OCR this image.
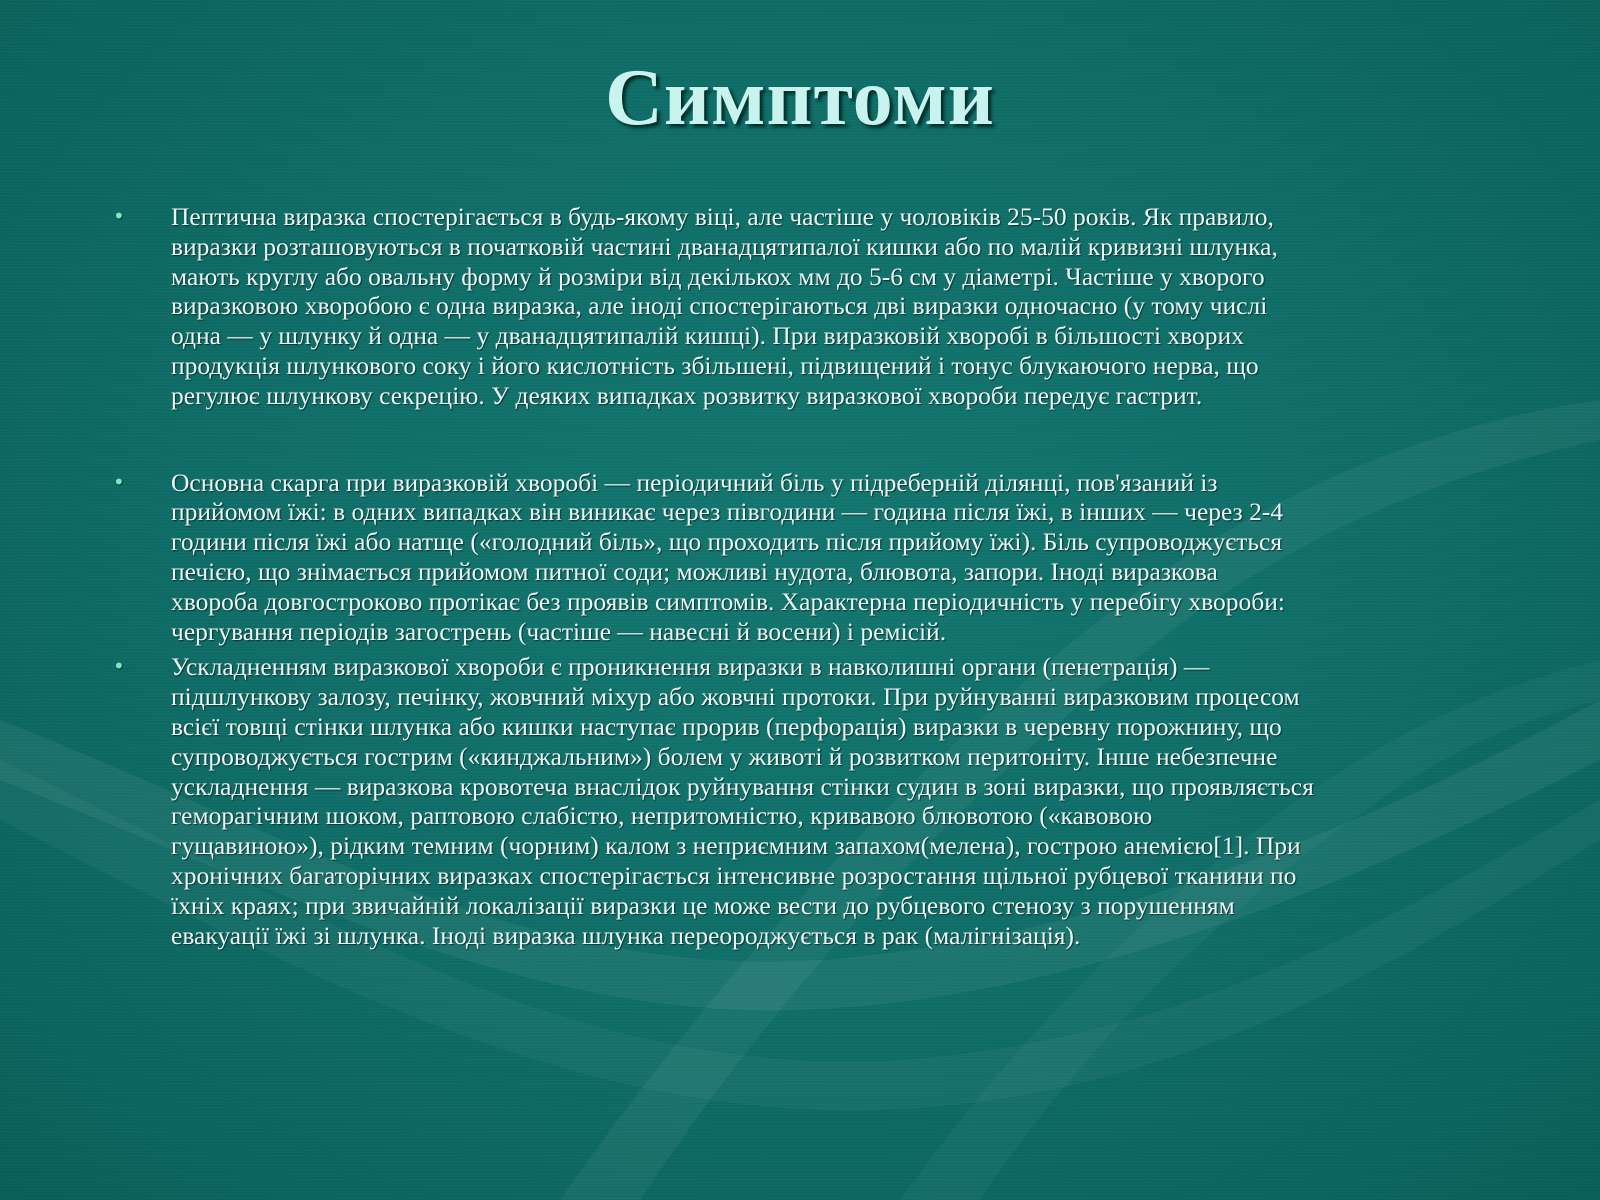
Симптоми
• Пептична виразка спостерігається в будь-якому віці, але частіше у чоловіків 25-50 років. Як правило,
виразки розташовуються в початковій частині дванадцятипалої кишки або по малій кривизні шлунка,
мають круглу або овальну форму й розміри від декількох мм до 5-6 см у діаметрі. Частіше у хворого
виразковою хворобою є одна виразка, але іноді спостерігаються дві виразки одночасно (у тому числі
одна — у шлунку й одна — у дванадцятипалій кишці). При виразковій хворобі в більшості хворих
продукція шлункового соку і його кислотність збільшені, підвищений і тонус блукаючого нерва, що
регулює шлункову секрецію. У деяких випадках розвитку виразкової хвороби передує гастрит.
• Основна скарга при виразковій хворобі — періодичний біль у підреберній ділянці, пов'язаний із
прийомом їжі: в одних випадках він виникає через півгодини — година після їжі, в інших — через 2-4
години після їжі або натще («голодний біль», що проходить після прийому їжі). Біль супроводжується
печією, що знімається прийомом питної соди; можливі нудота, блювота, запори. Іноді виразкова
хвороба довгостроково протікає без проявів симптомів. Характерна періодичність у перебігу хвороби:
чергування періодів загострень (частіше — навесні й восени) і ремісій.
• Ускладненням виразкової хвороби є проникнення виразки в навколишні органи (пенетрація) —
підшлункову залозу, печінку, жовчний міхур або жовчні протоки. При руйнуванні виразковим процесом
всієї товщі стінки шлунка або кишки наступає прорив (перфорація) виразки в черевну порожнину, що
супроводжується гострим («кинджальним») болем у животі й розвитком перитоніту. Інше небезпечне
ускладнення — виразкова кровотеча внаслідок руйнування стінки судин в зоні виразки, що проявляється
геморагічним шоком, раптовою слабістю, непритомністю, кривавою блювотою («кавовою
гущавиною»), рідким темним (чорним) калом з неприємним запахом(мелена), гострою анемією[1]. При
хронічних багаторічних виразках спостерігається інтенсивне розростання щільної рубцевої тканини по
їхніх краях; при звичайній локалізації виразки це може вести до рубцевого стенозу з порушенням
евакуації їжі зі шлунка. Іноді виразка шлунка переороджується в рак (малігнізація).
